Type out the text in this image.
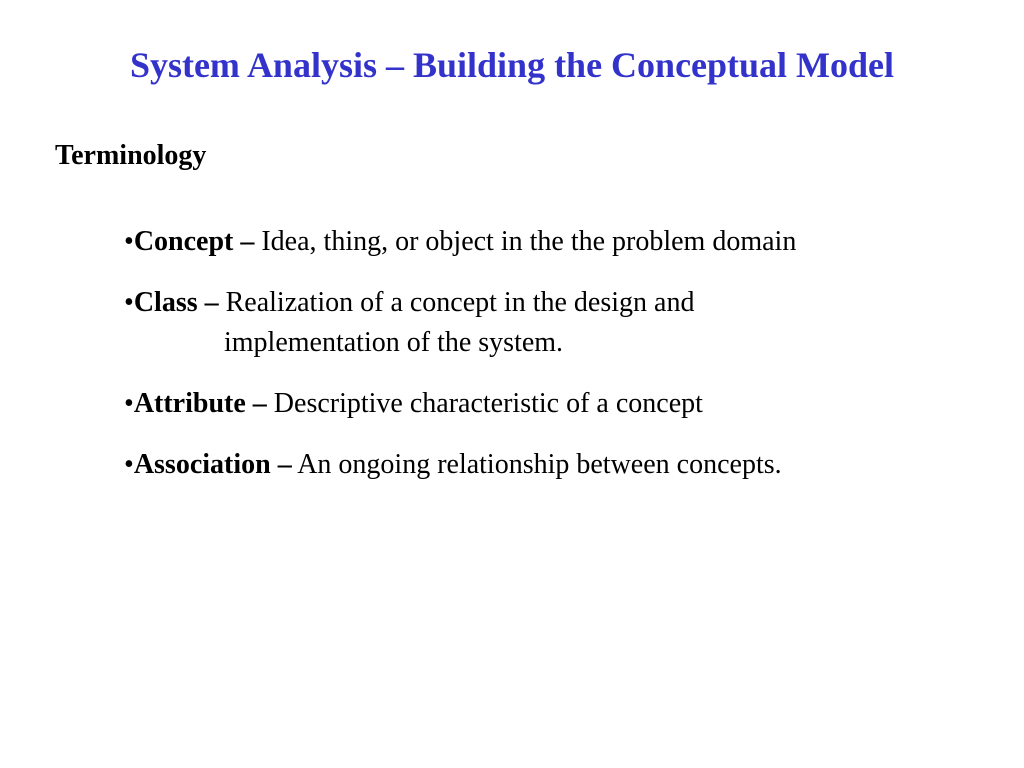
System Analysis – Building the Conceptual Model
Terminology
•Concept – Idea, thing, or object in the the problem domain
•Class – Realization of a concept in the design and
implementation of the system.
•Attribute – Descriptive characteristic of a concept
•Association – An ongoing relationship between concepts.
